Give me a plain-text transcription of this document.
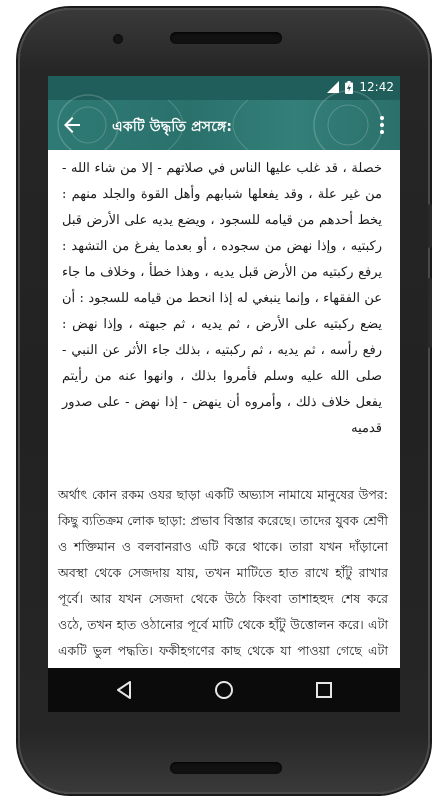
12:42
একটি উদ্ধৃতি প্রসঙ্গে:
خصلة ، قد غلب عليها الناس في صلاتهم - إلا من شاء الله - من غير علة ، وقد يفعلها شبابهم وأهل القوة والجلد منهم : يخط أحدهم من قيامه للسجود ، ويضع يديه على الأرض قبل ركبتيه ، وإذا نهض من سجوده ، أو بعدما يفرغ من التشهد : يرفع ركبتيه من الأرض قبل يديه ، وهذا خطأ ، وخلاف ما جاء عن الفقهاء ، وإنما ينبغي له إذا انحط من قيامه للسجود : أن يضع ركبتيه على الأرض ، ثم يديه ، ثم جبهته ، وإذا نهض : رفع رأسه ، ثم يديه ، ثم ركبتيه ، بذلك جاء الأثر عن النبي - صلى الله عليه وسلم فأمروا بذلك ، وانهوا عنه من رأيتم يفعل خلاف ذلك ، وأمروه أن ينهض - إذا نهض - على صدور قدميه
অর্থাৎ কোন রকম ওযর ছাড়া একটি অভ্যাস নামাযে মানুষের উপর: কিছু ব্যতিক্রম লোক ছাড়া: প্রভাব বিস্তার করেছে। তাদের যুবক শ্রেণী ও শক্তিমান ও বলবানরাও এটি করে থাকে। তারা যখন দাঁড়ানো অবস্থা থেকে সেজদায় যায়, তখন মাটিতে হাত রাখে হাঁটু রাখার পূর্বে। আর যখন সেজদা থেকে উঠে কিংবা তাশাহহুদ শেষ করে ওঠে, তখন হাত ওঠানোর পূর্বে মাটি থেকে হাঁটু উত্তোলন করে। এটা একটি ভুল পদ্ধতি। ফকীহগণের কাছ থেকে যা পাওয়া গেছে এটা
